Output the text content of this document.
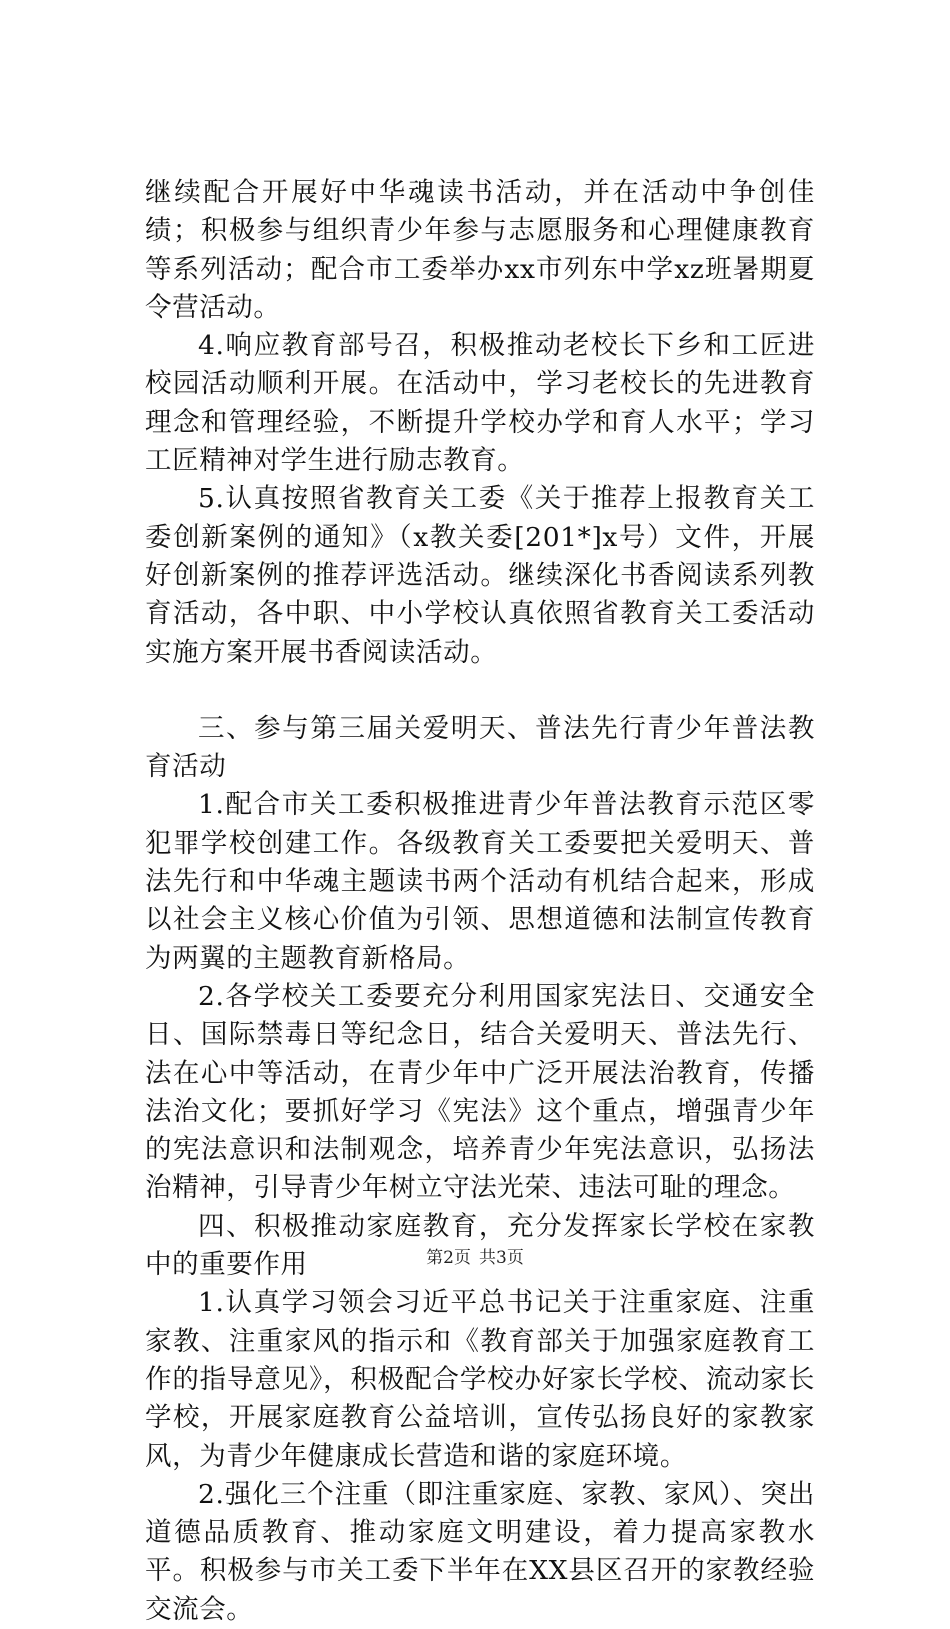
继续配合开展好中华魂读书活动，并在活动中争创佳绩；积极参与组织青少年参与志愿服务和心理健康教育等系列活动；配合市工委举办xx市列东中学xz班暑期夏令营活动。

4.响应教育部号召，积极推动老校长下乡和工匠进校园活动顺利开展。在活动中，学习老校长的先进教育理念和管理经验，不断提升学校办学和育人水平；学习工匠精神对学生进行励志教育。

5.认真按照省教育关工委《关于推荐上报教育关工委创新案例的通知》（x教关委[201*]x号）文件，开展好创新案例的推荐评选活动。继续深化书香阅读系列教育活动，各中职、中小学校认真依照省教育关工委活动实施方案开展书香阅读活动。

三、参与第三届关爱明天、普法先行青少年普法教育活动

1.配合市关工委积极推进青少年普法教育示范区零犯罪学校创建工作。各级教育关工委要把关爱明天、普法先行和中华魂主题读书两个活动有机结合起来，形成以社会主义核心价值为引领、思想道德和法制宣传教育为两翼的主题教育新格局。

2.各学校关工委要充分利用国家宪法日、交通安全日、国际禁毒日等纪念日，结合关爱明天、普法先行、法在心中等活动，在青少年中广泛开展法治教育，传播法治文化；要抓好学习《宪法》这个重点，增强青少年的宪法意识和法制观念，培养青少年宪法意识，弘扬法治精神，引导青少年树立守法光荣、违法可耻的理念。

四、积极推动家庭教育，充分发挥家长学校在家教中的重要作用

1.认真学习领会习近平总书记关于注重家庭、注重家教、注重家风的指示和《教育部关于加强家庭教育工作的指导意见》，积极配合学校办好家长学校、流动家长学校，开展家庭教育公益培训，宣传弘扬良好的家教家风，为青少年健康成长营造和谐的家庭环境。

2.强化三个注重（即注重家庭、家教、家风）、突出道德品质教育、推动家庭文明建设，着力提高家教水平。积极参与市关工委下半年在XX县区召开的家教经验交流会。

第2页 共3页
